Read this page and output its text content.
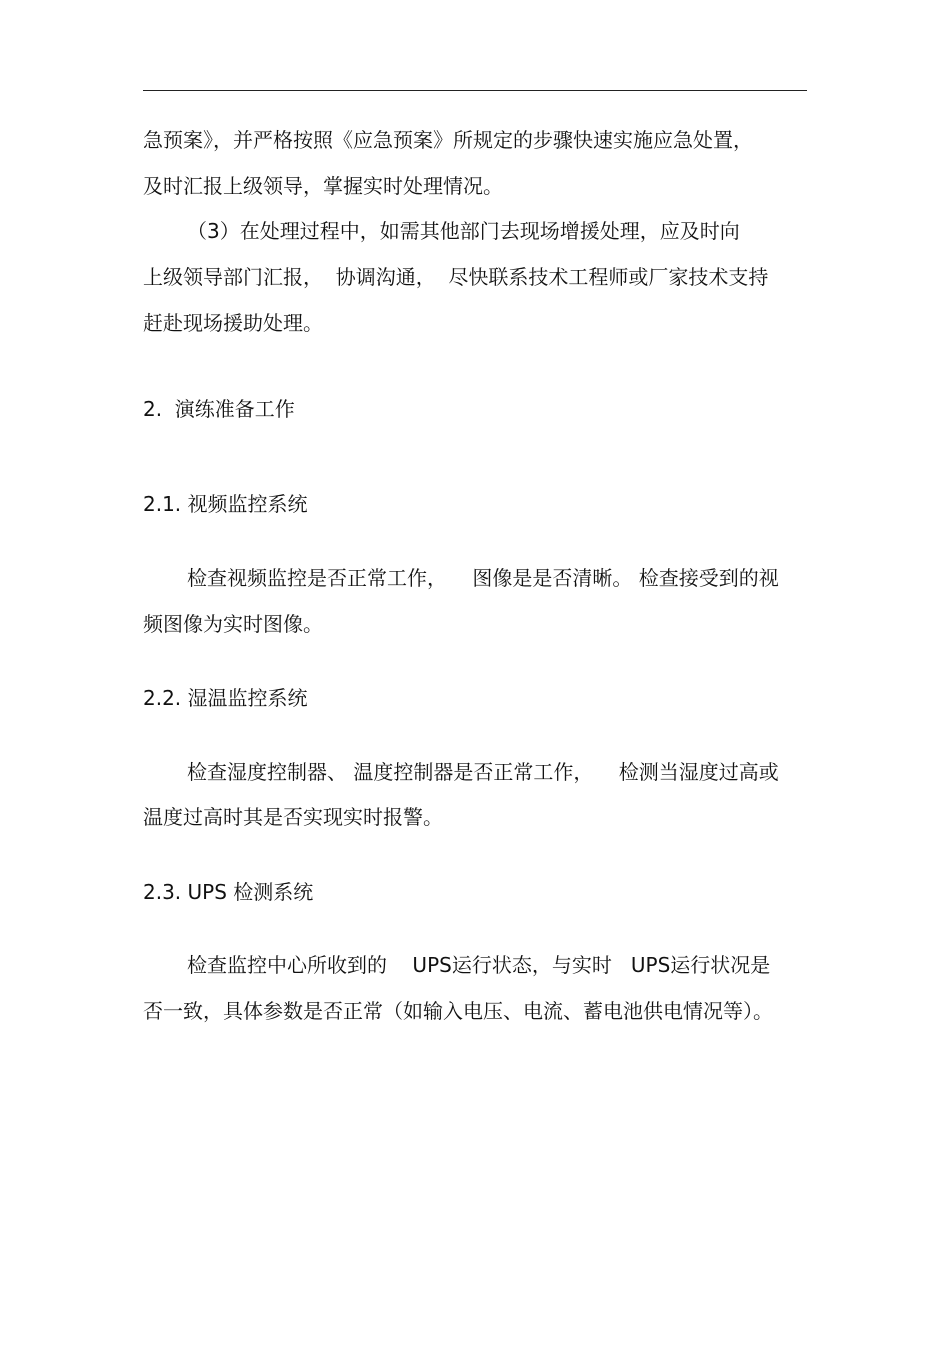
急预案》，并严格按照《应急预案》所规定的步骤快速实施应急处置，
及时汇报上级领导，掌握实时处理情况。
（3）在处理过程中，如需其他部门去现场增援处理，应及时向
上级领导部门汇报，  协调沟通，  尽快联系技术工程师或厂家技术支持
赶赴现场援助处理。
2.  演练准备工作
2.1. 视频监控系统
检查视频监控是否正常工作，    图像是是否清晰。 检查接受到的视
频图像为实时图像。
2.2. 湿温监控系统
检查湿度控制器、 温度控制器是否正常工作，    检测当湿度过高或
温度过高时其是否实现实时报警。
2.3. UPS 检测系统
检查监控中心所收到的    UPS运行状态，与实时   UPS运行状况是
否一致，具体参数是否正常（如输入电压、电流、蓄电池供电情况等）。
